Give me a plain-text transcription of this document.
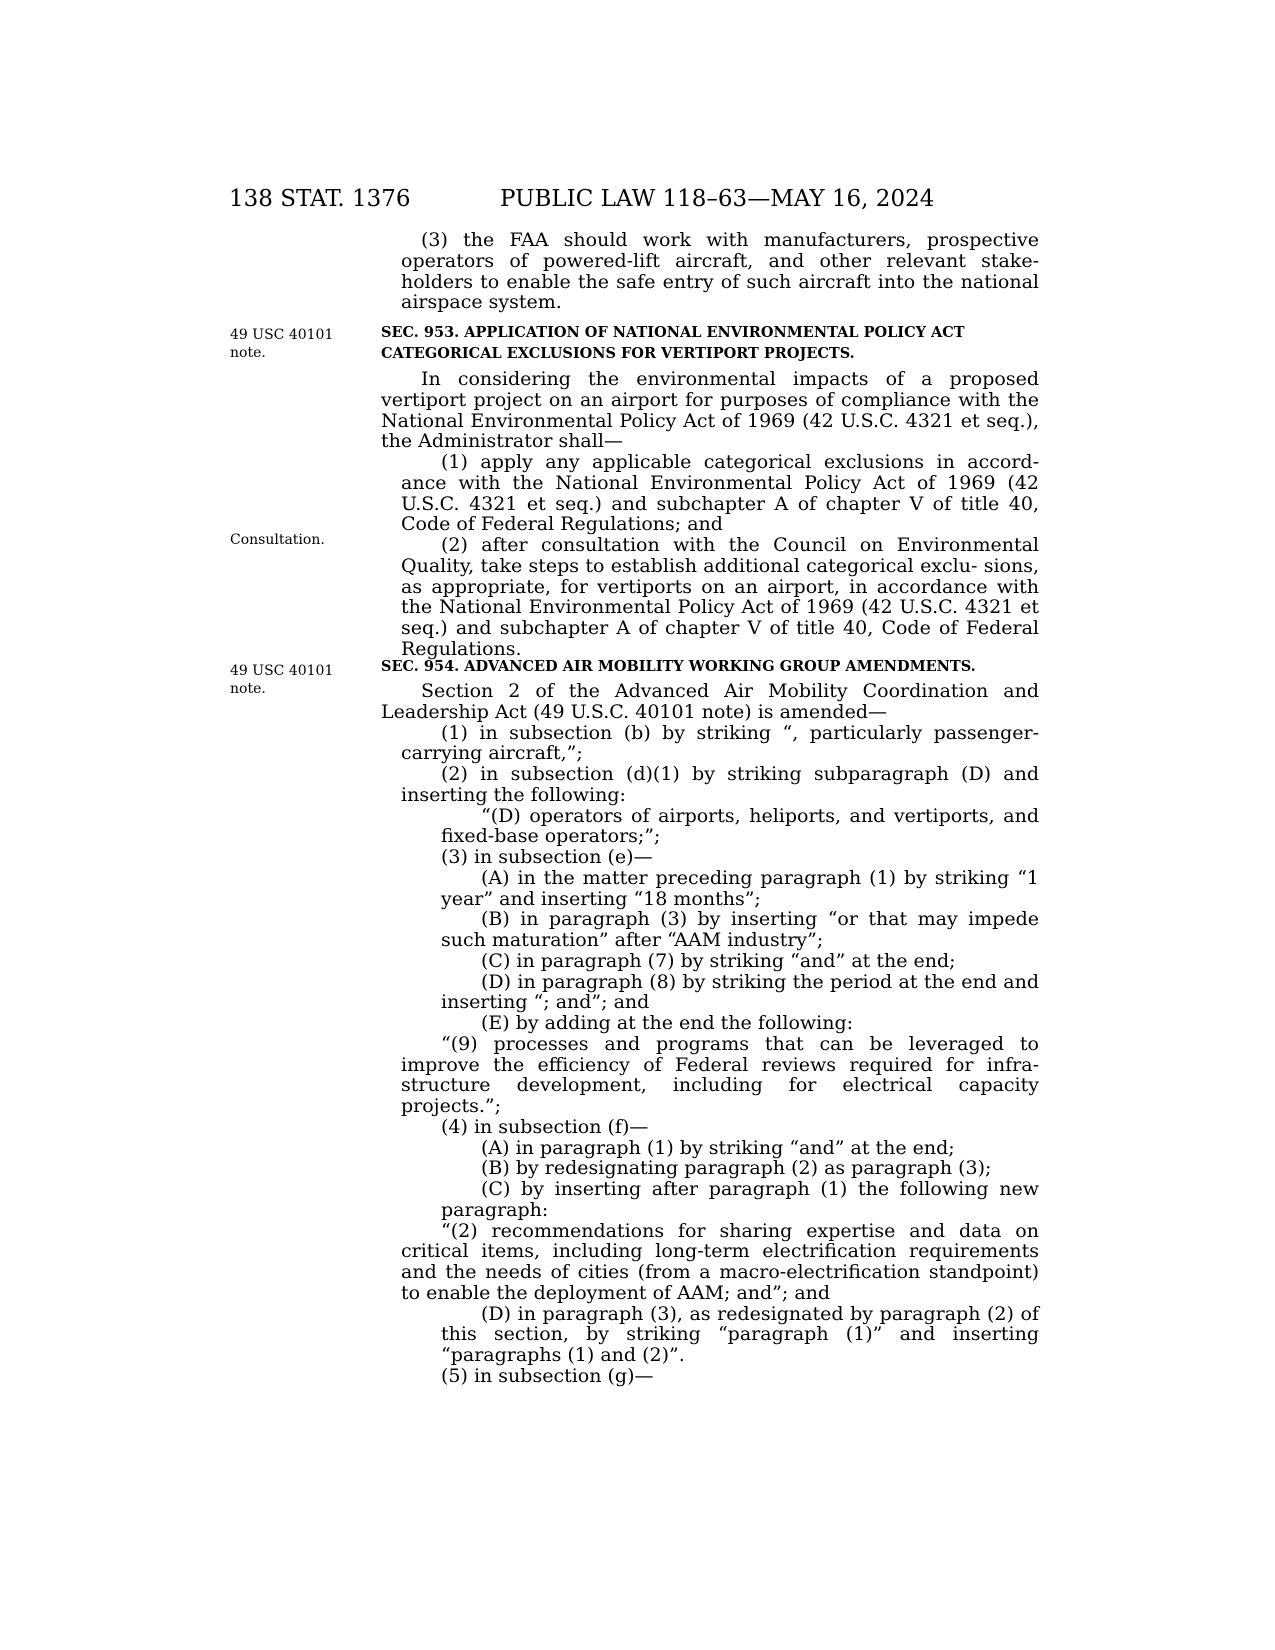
138 STAT. 1376	PUBLIC LAW 118–63—MAY 16, 2024
49 USC 40101
note.
Consultation.
49 USC 40101
note.

(3) the FAA should work with manufacturers, prospective operators of powered-lift aircraft, and other relevant stake- holders to enable the safe entry of such aircraft into the national airspace system.

SEC. 953. APPLICATION OF NATIONAL ENVIRONMENTAL POLICY ACT
CATEGORICAL EXCLUSIONS FOR VERTIPORT PROJECTS.

In considering the environmental impacts of a proposed vertiport project on an airport for purposes of compliance with the National Environmental Policy Act of 1969 (42 U.S.C. 4321 et seq.), the Administrator shall—

(1) apply any applicable categorical exclusions in accord- ance with the National Environmental Policy Act of 1969 (42 U.S.C. 4321 et seq.) and subchapter A of chapter V of title 40, Code of Federal Regulations; and

(2) after consultation with the Council on Environmental Quality, take steps to establish additional categorical exclu- sions, as appropriate, for vertiports on an airport, in accordance with the National Environmental Policy Act of 1969 (42 U.S.C. 4321 et seq.) and subchapter A of chapter V of title 40, Code of Federal Regulations.

SEC. 954. ADVANCED AIR MOBILITY WORKING GROUP AMENDMENTS.

Section 2 of the Advanced Air Mobility Coordination and Leadership Act (49 U.S.C. 40101 note) is amended—

(1) in subsection (b) by striking “, particularly passenger- carrying aircraft,”;

(2) in subsection (d)(1) by striking subparagraph (D) and inserting the following:

“(D) operators of airports, heliports, and vertiports, and fixed-base operators;”;

(3) in subsection (e)—

(A) in the matter preceding paragraph (1) by striking “1 year” and inserting “18 months”;

(B) in paragraph (3) by inserting “or that may impede such maturation” after “AAM industry”;

(C) in paragraph (7) by striking “and” at the end;

(D) in paragraph (8) by striking the period at the end and inserting “; and”; and

(E) by adding at the end the following:

“(9) processes and programs that can be leveraged to improve the efficiency of Federal reviews required for infra- structure development, including for electrical capacity projects.”;

(4) in subsection (f)—

(A) in paragraph (1) by striking “and” at the end;

(B) by redesignating paragraph (2) as paragraph (3);

(C) by inserting after paragraph (1) the following new paragraph:

“(2) recommendations for sharing expertise and data on critical items, including long-term electrification requirements and the needs of cities (from a macro-electrification standpoint) to enable the deployment of AAM; and”; and

(D) in paragraph (3), as redesignated by paragraph (2) of this section, by striking “paragraph (1)” and inserting “paragraphs (1) and (2)”.

(5) in subsection (g)—
